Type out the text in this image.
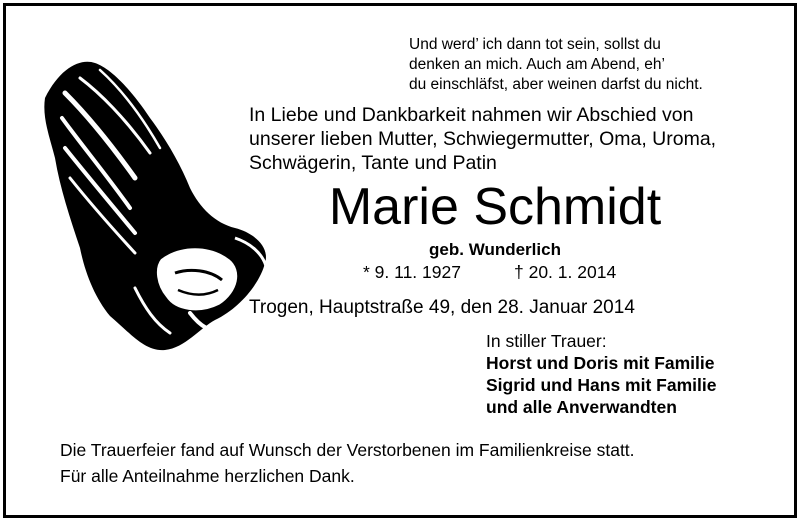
Und werd’ ich dann tot sein, sollst du
denken an mich. Auch am Abend, eh’
du einschläfst, aber weinen darfst du nicht.
In Liebe und Dankbarkeit nahmen wir Abschied von
unserer lieben Mutter, Schwiegermutter, Oma, Uroma,
Schwägerin, Tante und Patin
Marie Schmidt
geb. Wunderlich
* 9. 11. 1927	† 20. 1. 2014
Trogen, Hauptstraße 49, den 28. Januar 2014
In stiller Trauer:
Horst und Doris mit Familie
Sigrid und Hans mit Familie
und alle Anverwandten
Die Trauerfeier fand auf Wunsch der Verstorbenen im Familienkreise statt.
Für alle Anteilnahme herzlichen Dank.
